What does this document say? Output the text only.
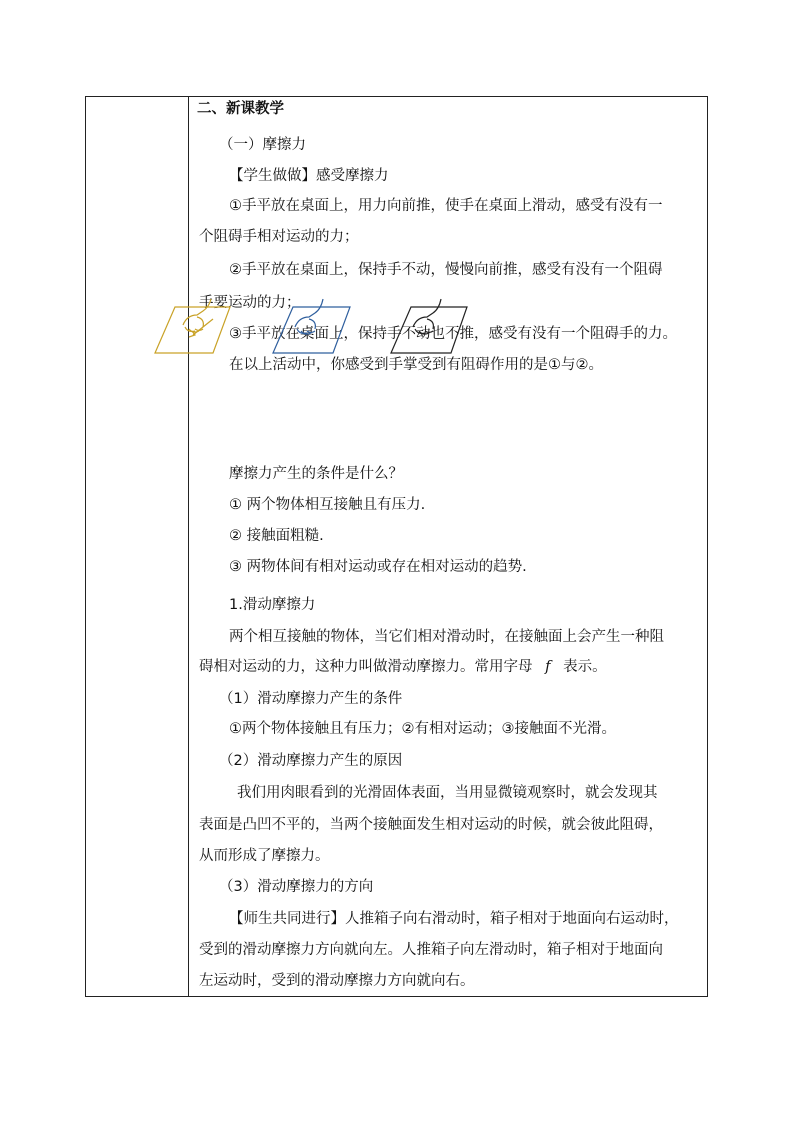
二、新课教学
（一）摩擦力
【学生做做】感受摩擦力
①手平放在桌面上，用力向前推，使手在桌面上滑动，感受有没有一
个阻碍手相对运动的力；
②手平放在桌面上，保持手不动，慢慢向前推，感受有没有一个阻碍
手要运动的力；
③手平放在桌面上，保持手不动也不推，感受有没有一个阻碍手的力。
在以上活动中，你感受到手掌受到有阻碍作用的是①与②。
摩擦力产生的条件是什么？
① 两个物体相互接触且有压力.
② 接触面粗糙.
③ 两物体间有相对运动或存在相对运动的趋势.
1.滑动摩擦力
两个相互接触的物体，当它们相对滑动时，在接触面上会产生一种阻
碍相对运动的力，这种力叫做滑动摩擦力。常用字母 f 表示。
（1）滑动摩擦力产生的条件
①两个物体接触且有压力；②有相对运动；③接触面不光滑。
（2）滑动摩擦力产生的原因
我们用肉眼看到的光滑固体表面，当用显微镜观察时，就会发现其
表面是凸凹不平的，当两个接触面发生相对运动的时候，就会彼此阻碍，
从而形成了摩擦力。
（3）滑动摩擦力的方向
【师生共同进行】人推箱子向右滑动时，箱子相对于地面向右运动时，
受到的滑动摩擦力方向就向左。人推箱子向左滑动时，箱子相对于地面向
左运动时，受到的滑动摩擦力方向就向右。
